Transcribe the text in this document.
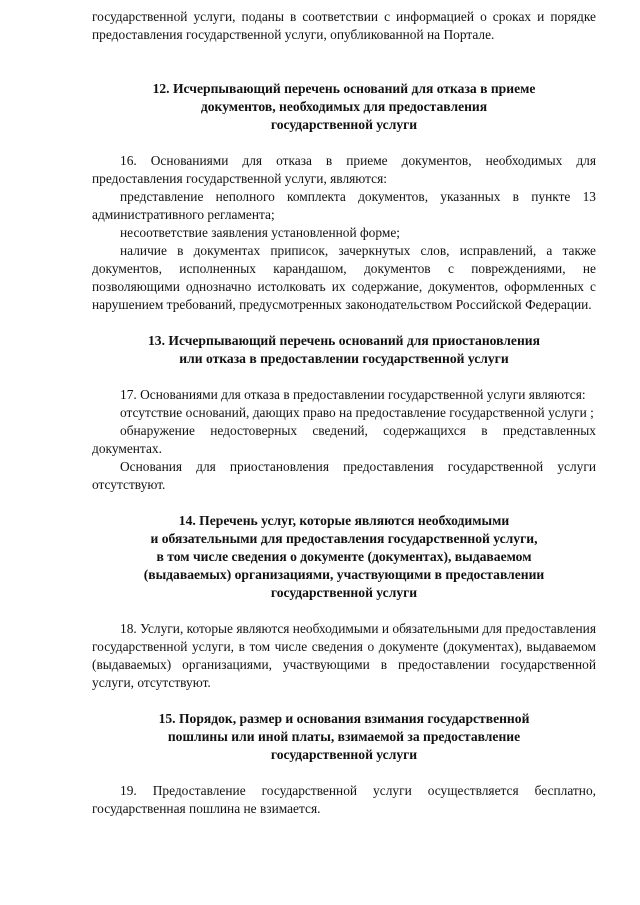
государственной услуги, поданы в соответствии с информацией о сроках и порядке предоставления государственной услуги, опубликованной на Портале.

12. Исчерпывающий перечень оснований для отказа в приеме

документов, необходимых для предоставления

государственной услуги

16. Основаниями для отказа в приеме документов, необходимых для предоставления государственной услуги, являются:

представление неполного комплекта документов, указанных в пункте 13 административного регламента;

несоответствие заявления установленной форме;

наличие в документах приписок, зачеркнутых слов, исправлений, а также документов, исполненных карандашом, документов с повреждениями, не позволяющими однозначно истолковать их содержание, документов, оформленных с нарушением требований, предусмотренных законодательством Российской Федерации.

13. Исчерпывающий перечень оснований для приостановления

или отказа в предоставлении государственной услуги

17. Основаниями для отказа в предоставлении государственной услуги являются:

отсутствие оснований, дающих право на предоставление государственной услуги ;

обнаружение недостоверных сведений, содержащихся в представленных документах.

Основания для приостановления предоставления государственной услуги отсутствуют.

14. Перечень услуг, которые являются необходимыми

и обязательными для предоставления государственной услуги,

в том числе сведения о документе (документах), выдаваемом

(выдаваемых) организациями, участвующими в предоставлении

государственной услуги

18. Услуги, которые являются необходимыми и обязательными для предоставления государственной услуги, в том числе сведения о документе (документах), выдаваемом (выдаваемых) организациями, участвующими в предоставлении государственной услуги, отсутствуют.

15. Порядок, размер и основания взимания государственной

пошлины или иной платы, взимаемой за предоставление

государственной услуги

19. Предоставление государственной услуги осуществляется бесплатно, государственная пошлина не взимается.
